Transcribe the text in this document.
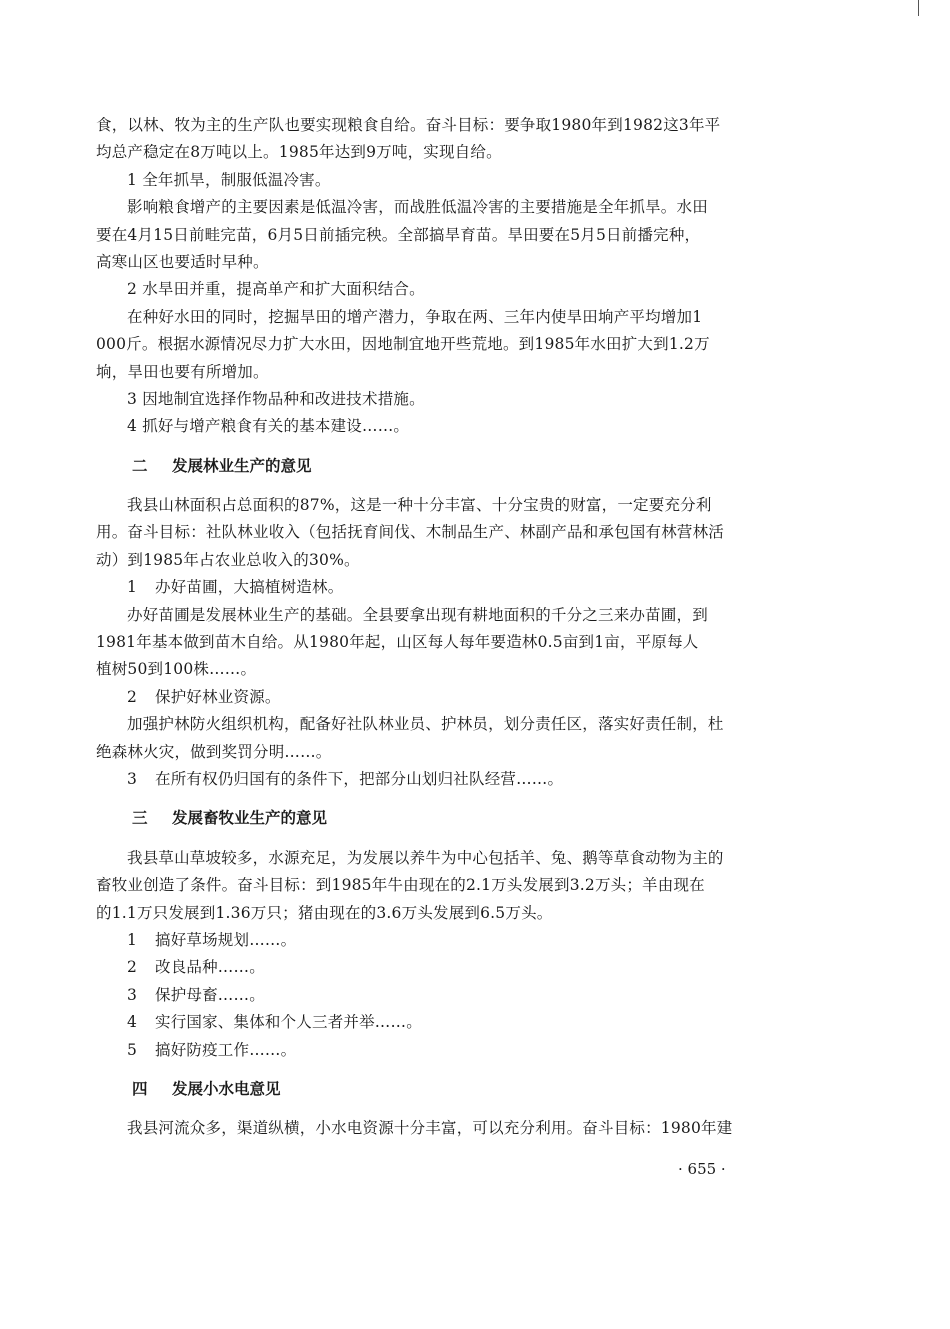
食，以林、牧为主的生产队也要实现粮食自给。奋斗目标：要争取1980年到1982这3年平
均总产稳定在8万吨以上。1985年达到9万吨，实现自给。
1 全年抓旱，制服低温冷害。
影响粮食增产的主要因素是低温冷害，而战胜低温冷害的主要措施是全年抓旱。水田
要在4月15日前畦完苗，6月5日前插完秧。全部搞旱育苗。旱田要在5月5日前播完种，
高寒山区也要适时早种。
2 水旱田并重，提高单产和扩大面积结合。
在种好水田的同时，挖掘旱田的增产潜力，争取在两、三年内使旱田垧产平均增加1
000斤。根据水源情况尽力扩大水田，因地制宜地开些荒地。到1985年水田扩大到1.2万
垧，旱田也要有所增加。
3 因地制宜选择作物品种和改进技术措施。
4 抓好与增产粮食有关的基本建设……。
二 发展林业生产的意见
我县山林面积占总面积的87%，这是一种十分丰富、十分宝贵的财富，一定要充分利
用。奋斗目标：社队林业收入（包括抚育间伐、木制品生产、林副产品和承包国有林营林活
动）到1985年占农业总收入的30%。
1 办好苗圃，大搞植树造林。
办好苗圃是发展林业生产的基础。全县要拿出现有耕地面积的千分之三来办苗圃，到
1981年基本做到苗木自给。从1980年起，山区每人每年要造林0.5亩到1亩，平原每人
植树50到100株……。
2 保护好林业资源。
加强护林防火组织机构，配备好社队林业员、护林员，划分责任区，落实好责任制，杜
绝森林火灾，做到奖罚分明……。
3 在所有权仍归国有的条件下，把部分山划归社队经营……。
三 发展畜牧业生产的意见
我县草山草坡较多，水源充足，为发展以养牛为中心包括羊、兔、鹅等草食动物为主的
畜牧业创造了条件。奋斗目标：到1985年牛由现在的2.1万头发展到3.2万头；羊由现在
的1.1万只发展到1.36万只；猪由现在的3.6万头发展到6.5万头。
1 搞好草场规划……。
2 改良品种……。
3 保护母畜……。
4 实行国家、集体和个人三者并举……。
5 搞好防疫工作……。
四 发展小水电意见
我县河流众多，渠道纵横，小水电资源十分丰富，可以充分利用。奋斗目标：1980年建
· 655 ·
